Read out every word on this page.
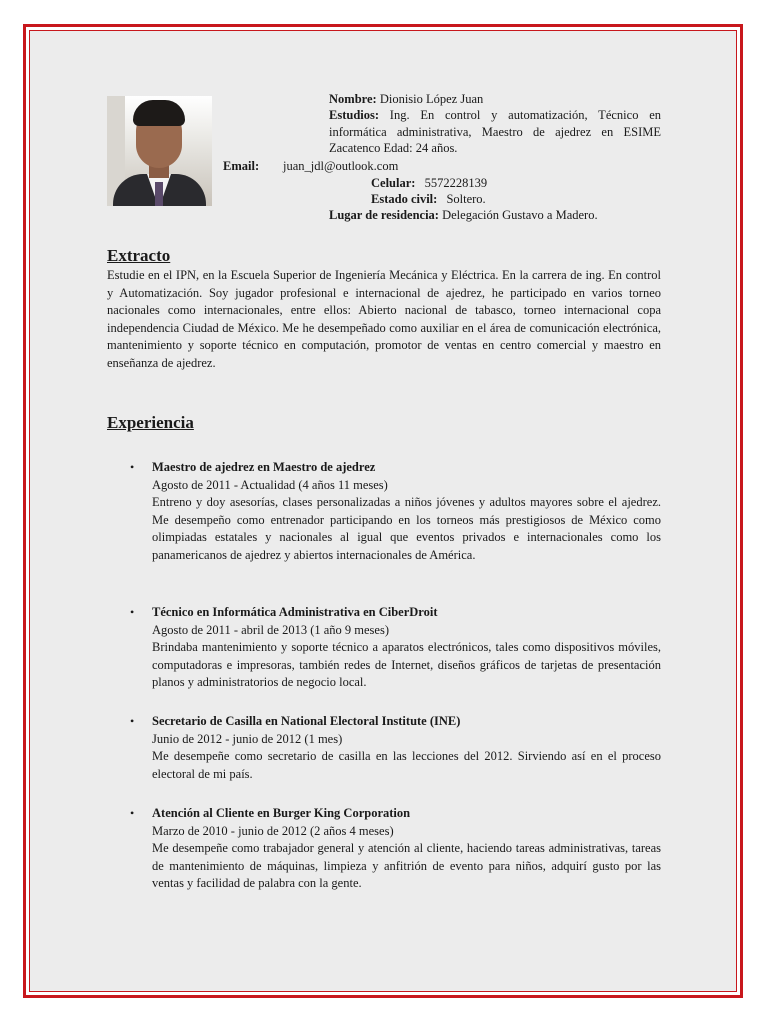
Nombre: Dionisio López Juan
Estudios: Ing. En control y automatización, Técnico en informática administrativa, Maestro de ajedrez en ESIME Zacatenco Edad: 24 años.
Email: juan_jdl@outlook.com
Celular: 5572228139
Estado civil: Soltero.
Lugar de residencia: Delegación Gustavo a Madero.
Extracto

Estudie en el IPN, en la Escuela Superior de Ingeniería Mecánica y Eléctrica. En la carrera de ing. En control y Automatización. Soy jugador profesional e internacional de ajedrez, he participado en varios torneo nacionales como internacionales, entre ellos: Abierto nacional de tabasco, torneo internacional copa independencia Ciudad de México. Me he desempeñado como auxiliar en el área de comunicación electrónica, mantenimiento y soporte técnico en computación, promotor de ventas en centro comercial y maestro en enseñanza de ajedrez.

Experiencia
• Maestro de ajedrez en Maestro de ajedrez
Agosto de 2011 - Actualidad (4 años 11 meses)

Entreno y doy asesorías, clases personalizadas a niños jóvenes y adultos mayores sobre el ajedrez. Me desempeño como entrenador participando en los torneos más prestigiosos de México como olimpiadas estatales y nacionales al igual que eventos privados e internacionales como los panamericanos de ajedrez y abiertos internacionales de América.

• Técnico en Informática Administrativa en CiberDroit
Agosto de 2011 - abril de 2013 (1 año 9 meses)

Brindaba mantenimiento y soporte técnico a aparatos electrónicos, tales como dispositivos móviles, computadoras e impresoras, también redes de Internet, diseños gráficos de tarjetas de presentación planos y administratorios de negocio local.

• Secretario de Casilla en National Electoral Institute (INE)
Junio de 2012 - junio de 2012 (1 mes)

Me desempeñe como secretario de casilla en las lecciones del 2012. Sirviendo así en el proceso electoral de mi país.

• Atención al Cliente en Burger King Corporation
Marzo de 2010 - junio de 2012 (2 años 4 meses)

Me desempeñe como trabajador general y atención al cliente, haciendo tareas administrativas, tareas de mantenimiento de máquinas, limpieza y anfitrión de evento para niños, adquirí gusto por las ventas y facilidad de palabra con la gente.
